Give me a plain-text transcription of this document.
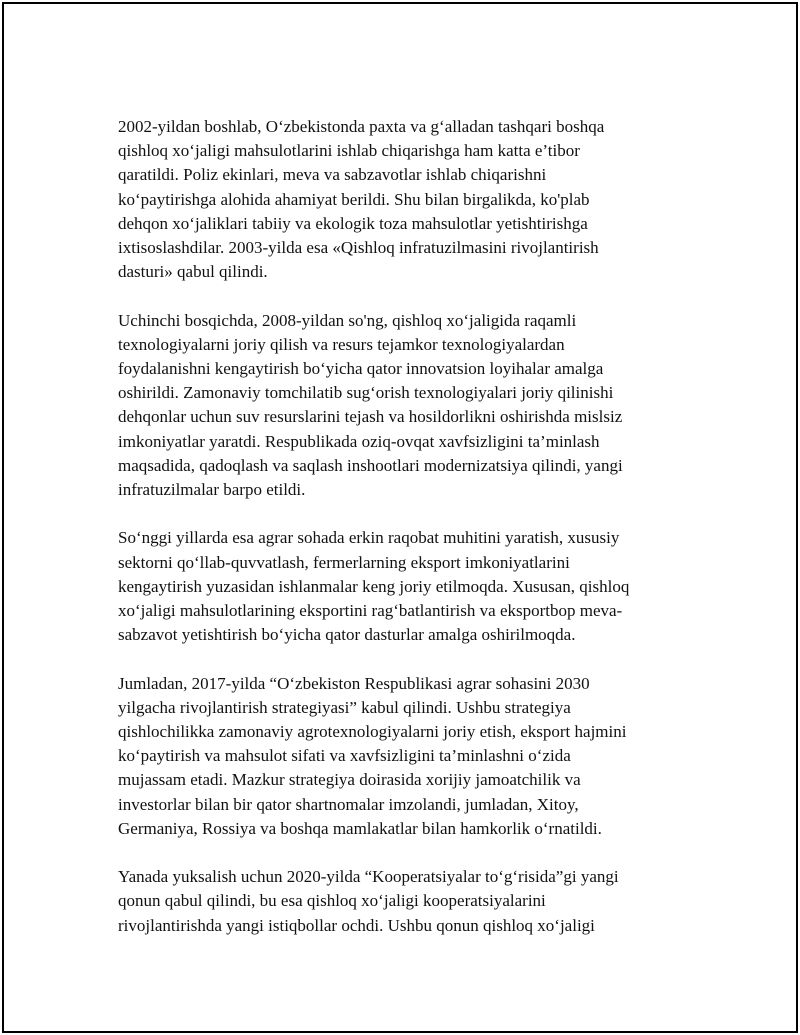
2002-yildan boshlab, O‘zbekistonda paxta va g‘alladan tashqari boshqa
qishloq xo‘jaligi mahsulotlarini ishlab chiqarishga ham katta e’tibor
qaratildi. Poliz ekinlari, meva va sabzavotlar ishlab chiqarishni
ko‘paytirishga alohida ahamiyat berildi. Shu bilan birgalikda, ko'plab
dehqon xo‘jaliklari tabiiy va ekologik toza mahsulotlar yetishtirishga
ixtisoslashdilar. 2003-yilda esa «Qishloq infratuzilmasini rivojlantirish
dasturi» qabul qilindi.

Uchinchi bosqichda, 2008-yildan so'ng, qishloq xo‘jaligida raqamli
texnologiyalarni joriy qilish va resurs tejamkor texnologiyalardan
foydalanishni kengaytirish bo‘yicha qator innovatsion loyihalar amalga
oshirildi. Zamonaviy tomchilatib sug‘orish texnologiyalari joriy qilinishi
dehqonlar uchun suv resurslarini tejash va hosildorlikni oshirishda mislsiz
imkoniyatlar yaratdi. Respublikada oziq-ovqat xavfsizligini ta’minlash
maqsadida, qadoqlash va saqlash inshootlari modernizatsiya qilindi, yangi
infratuzilmalar barpo etildi.

So‘nggi yillarda esa agrar sohada erkin raqobat muhitini yaratish, xususiy
sektorni qo‘llab-quvvatlash, fermerlarning eksport imkoniyatlarini
kengaytirish yuzasidan ishlanmalar keng joriy etilmoqda. Xususan, qishloq
xo‘jaligi mahsulotlarining eksportini rag‘batlantirish va eksportbop meva-
sabzavot yetishtirish bo‘yicha qator dasturlar amalga oshirilmoqda.

Jumladan, 2017-yilda “O‘zbekiston Respublikasi agrar sohasini 2030
yilgacha rivojlantirish strategiyasi” kabul qilindi. Ushbu strategiya
qishlochilikka zamonaviy agrotexnologiyalarni joriy etish, eksport hajmini
ko‘paytirish va mahsulot sifati va xavfsizligini ta’minlashni o‘zida
mujassam etadi. Mazkur strategiya doirasida xorijiy jamoatchilik va
investorlar bilan bir qator shartnomalar imzolandi, jumladan, Xitoy,
Germaniya, Rossiya va boshqa mamlakatlar bilan hamkorlik o‘rnatildi.

Yanada yuksalish uchun 2020-yilda “Kooperatsiyalar to‘g‘risida”gi yangi
qonun qabul qilindi, bu esa qishloq xo‘jaligi kooperatsiyalarini
rivojlantirishda yangi istiqbollar ochdi. Ushbu qonun qishloq xo‘jaligi
